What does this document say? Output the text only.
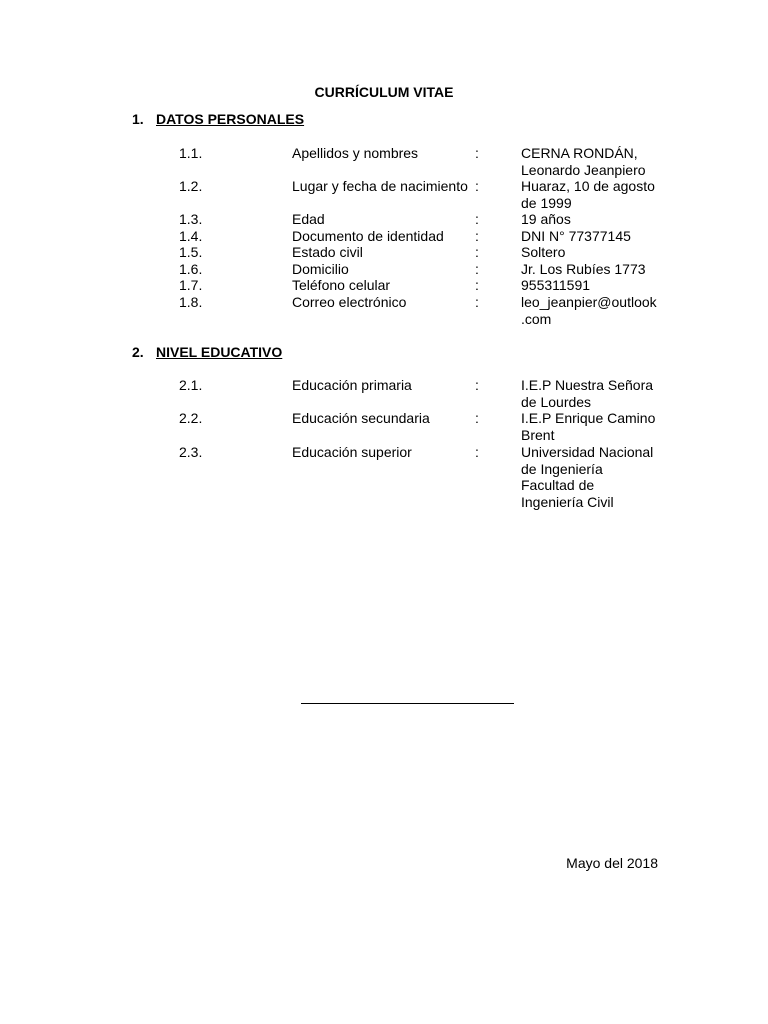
CURRÍCULUM VITAE
1. DATOS PERSONALES
1.1.	Apellidos y nombres	:	CERNA RONDÁN,
Leonardo Jeanpiero
1.2.	Lugar y fecha de nacimiento :	Huaraz, 10 de agosto
de 1999
1.3.	Edad	:	19 años
1.4.	Documento de identidad :	DNI N° 77377145
1.5.	Estado civil	:	Soltero
1.6.	Domicilio	:	Jr. Los Rubíes 1773
1.7.	Teléfono celular	:	955311591
1.8.	Correo electrónico	:	leo_jeanpier@outlook
.com
2. NIVEL EDUCATIVO
2.1.	Educación primaria	:	I.E.P Nuestra Señora
de Lourdes
2.2.	Educación secundaria	:	I.E.P Enrique Camino
Brent
2.3.	Educación superior	:	Universidad Nacional
de Ingeniería
Facultad de
Ingeniería Civil
Mayo del 2018
